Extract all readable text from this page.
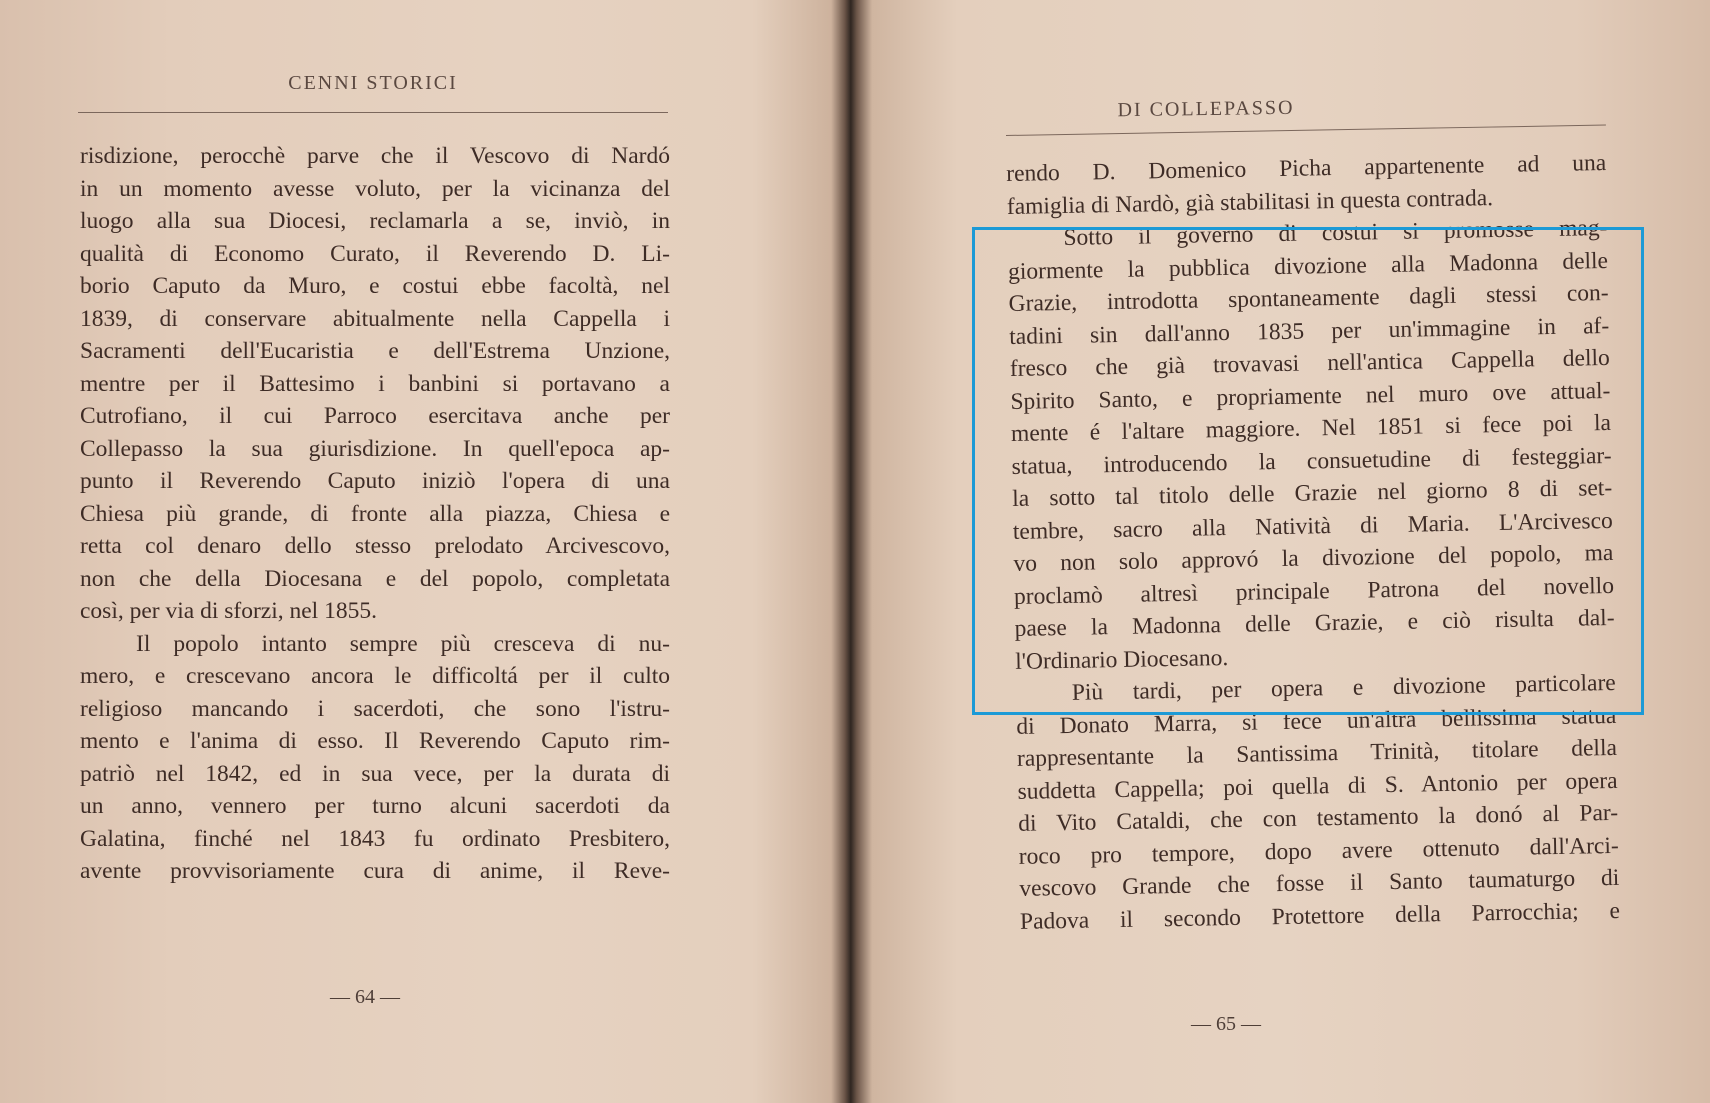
CENNI STORICI
risdizione, perocchè parve che il Vescovo di Nardó
in un momento avesse voluto, per la vicinanza del
luogo alla sua Diocesi, reclamarla a se, inviò, in
qualità di Economo Curato, il Reverendo D. Li-
borio Caputo da Muro, e costui ebbe facoltà, nel
1839, di conservare abitualmente nella Cappella i
Sacramenti dell'Eucaristia e dell'Estrema Unzione,
mentre per il Battesimo i banbini si portavano a
Cutrofiano, il cui Parroco esercitava anche per
Collepasso la sua giurisdizione. In quell'epoca ap-
punto il Reverendo Caputo iniziò l'opera di una
Chiesa più grande, di fronte alla piazza, Chiesa e
retta col denaro dello stesso prelodato Arcivescovo,
non che della Diocesana e del popolo, completata
così, per via di sforzi, nel 1855.
Il popolo intanto sempre più cresceva di nu-
mero, e crescevano ancora le difficoltá per il culto
religioso mancando i sacerdoti, che sono l'istru-
mento e l'anima di esso. Il Reverendo Caputo rim-
patriò nel 1842, ed in sua vece, per la durata di
un anno, vennero per turno alcuni sacerdoti da
Galatina, finché nel 1843 fu ordinato Presbitero,
avente provvisoriamente cura di anime, il Reve-
— 64 —
DI COLLEPASSO
rendo D. Domenico Picha appartenente ad una
famiglia di Nardò, già stabilitasi in questa contrada.
Sotto il governo di costui si promosse mag-
giormente la pubblica divozione alla Madonna delle
Grazie, introdotta spontaneamente dagli stessi con-
tadini sin dall'anno 1835 per un'immagine in af-
fresco che già trovavasi nell'antica Cappella dello
Spirito Santo, e propriamente nel muro ove attual-
mente é l'altare maggiore. Nel 1851 si fece poi la
statua, introducendo la consuetudine di festeggiar-
la sotto tal titolo delle Grazie nel giorno 8 di set-
tembre, sacro alla Natività di Maria. L'Arcivesco
vo non solo approvó la divozione del popolo, ma
proclamò altresì principale Patrona del novello
paese la Madonna delle Grazie, e ciò risulta dal-
l'Ordinario Diocesano.
Più tardi, per opera e divozione particolare
di Donato Marra, si fece un'altra bellissima statua
rappresentante la Santissima Trinità, titolare della
suddetta Cappella; poi quella di S. Antonio per opera
di Vito Cataldi, che con testamento la donó al Par-
roco pro tempore, dopo avere ottenuto dall'Arci-
vescovo Grande che fosse il Santo taumaturgo di
Padova il secondo Protettore della Parrocchia; e
— 65 —
